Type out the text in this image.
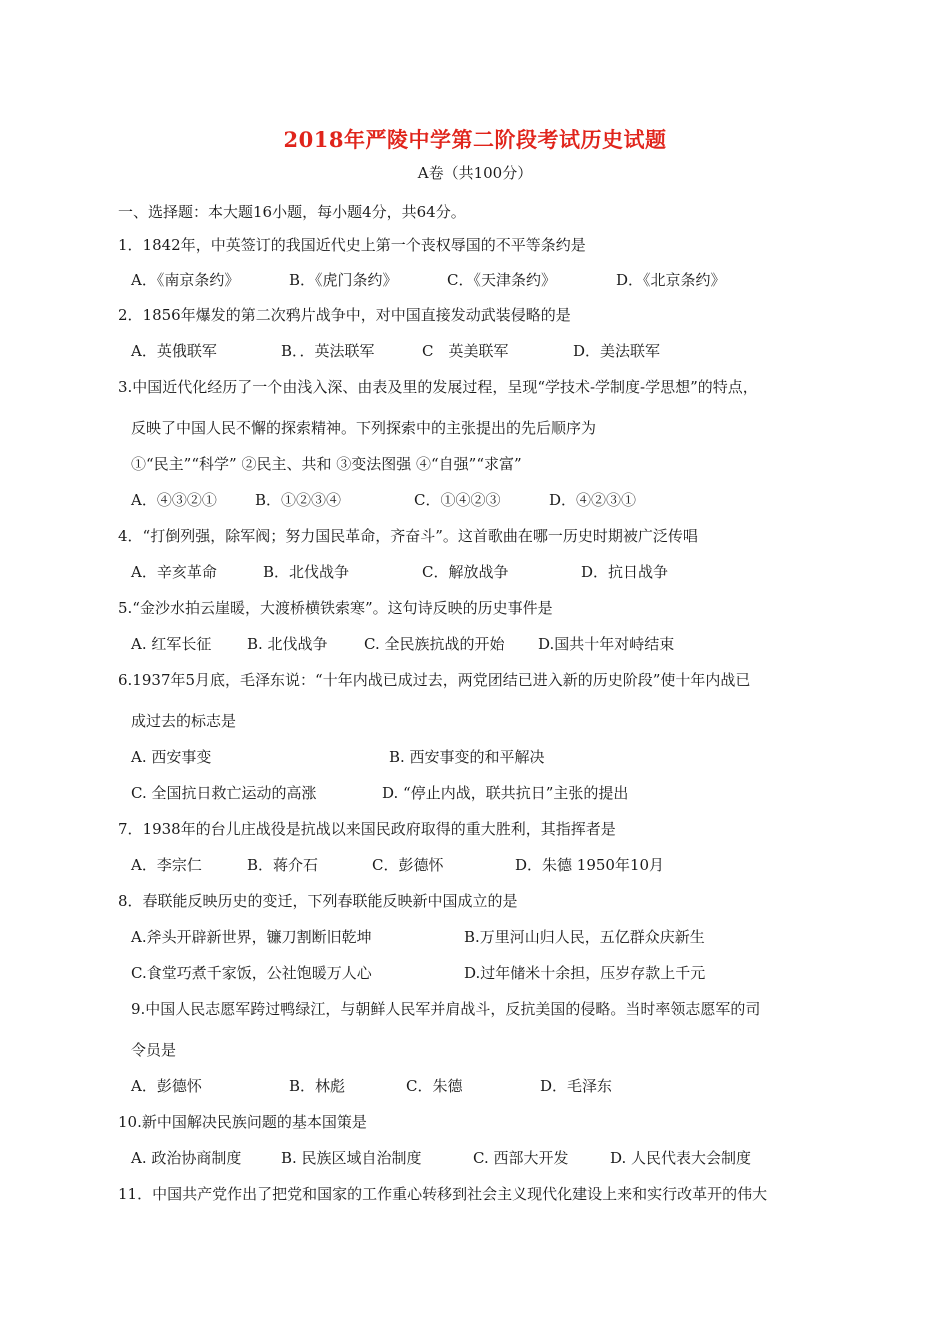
2018年严陵中学第二阶段考试历史试题
A卷（共100分）
一、选择题：本大题16小题，每小题4分，共64分。
1．1842年，中英签订的我国近代史上第一个丧权辱国的不平等条约是
A．《南京条约》	B．《虎门条约》	C．《天津条约》	D．《北京条约》
2．1856年爆发的第二次鸦片战争中，对中国直接发动武装侵略的是
A．英俄联军	B．．英法联军	C　英美联军	D．美法联军
3.中国近代化经历了一个由浅入深、由表及里的发展过程，呈现“学技术-学制度-学思想”的特点，
反映了中国人民不懈的探索精神。下列探索中的主张提出的先后顺序为
①“民主”“科学” ②民主、共和 ③变法图强 ④“自强”“求富”
A．④③②①	B．①②③④	C．①④②③	D．④②③①
4．“打倒列强，除军阀；努力国民革命，齐奋斗”。这首歌曲在哪一历史时期被广泛传唱
A．辛亥革命	B．北伐战争	C．解放战争	D．抗日战争
5.“金沙水拍云崖暖，大渡桥横铁索寒”。这句诗反映的历史事件是
A. 红军长征 B. 北伐战争 C. 全民族抗战的开始 D.国共十年对峙结束
6.1937年5月底，毛泽东说：“十年内战已成过去，两党团结已进入新的历史阶段”使十年内战已
成过去的标志是
A. 西安事变	B. 西安事变的和平解决
C. 全国抗日救亡运动的高涨	D. “停止内战，联共抗日”主张的提出
7．1938年的台儿庄战役是抗战以来国民政府取得的重大胜利，其指挥者是
A．李宗仁	B．蒋介石	C．彭德怀	D．朱德 1950年10月
8．春联能反映历史的变迁，下列春联能反映新中国成立的是
A.斧头开辟新世界，镰刀割断旧乾坤	B.万里河山归人民，五亿群众庆新生
C.食堂巧煮千家饭，公社饱暖万人心	D.过年储米十余担，压岁存款上千元
9.中国人民志愿军跨过鸭绿江，与朝鲜人民军并肩战斗，反抗美国的侵略。当时率领志愿军的司
令员是
A．彭德怀	B．林彪	C．朱德	D．毛泽东
10.新中国解决民族问题的基本国策是
A. 政治协商制度	B. 民族区域自治制度	C. 西部大开发	D. 人民代表大会制度
11．中国共产党作出了把党和国家的工作重心转移到社会主义现代化建设上来和实行改革开的伟大
